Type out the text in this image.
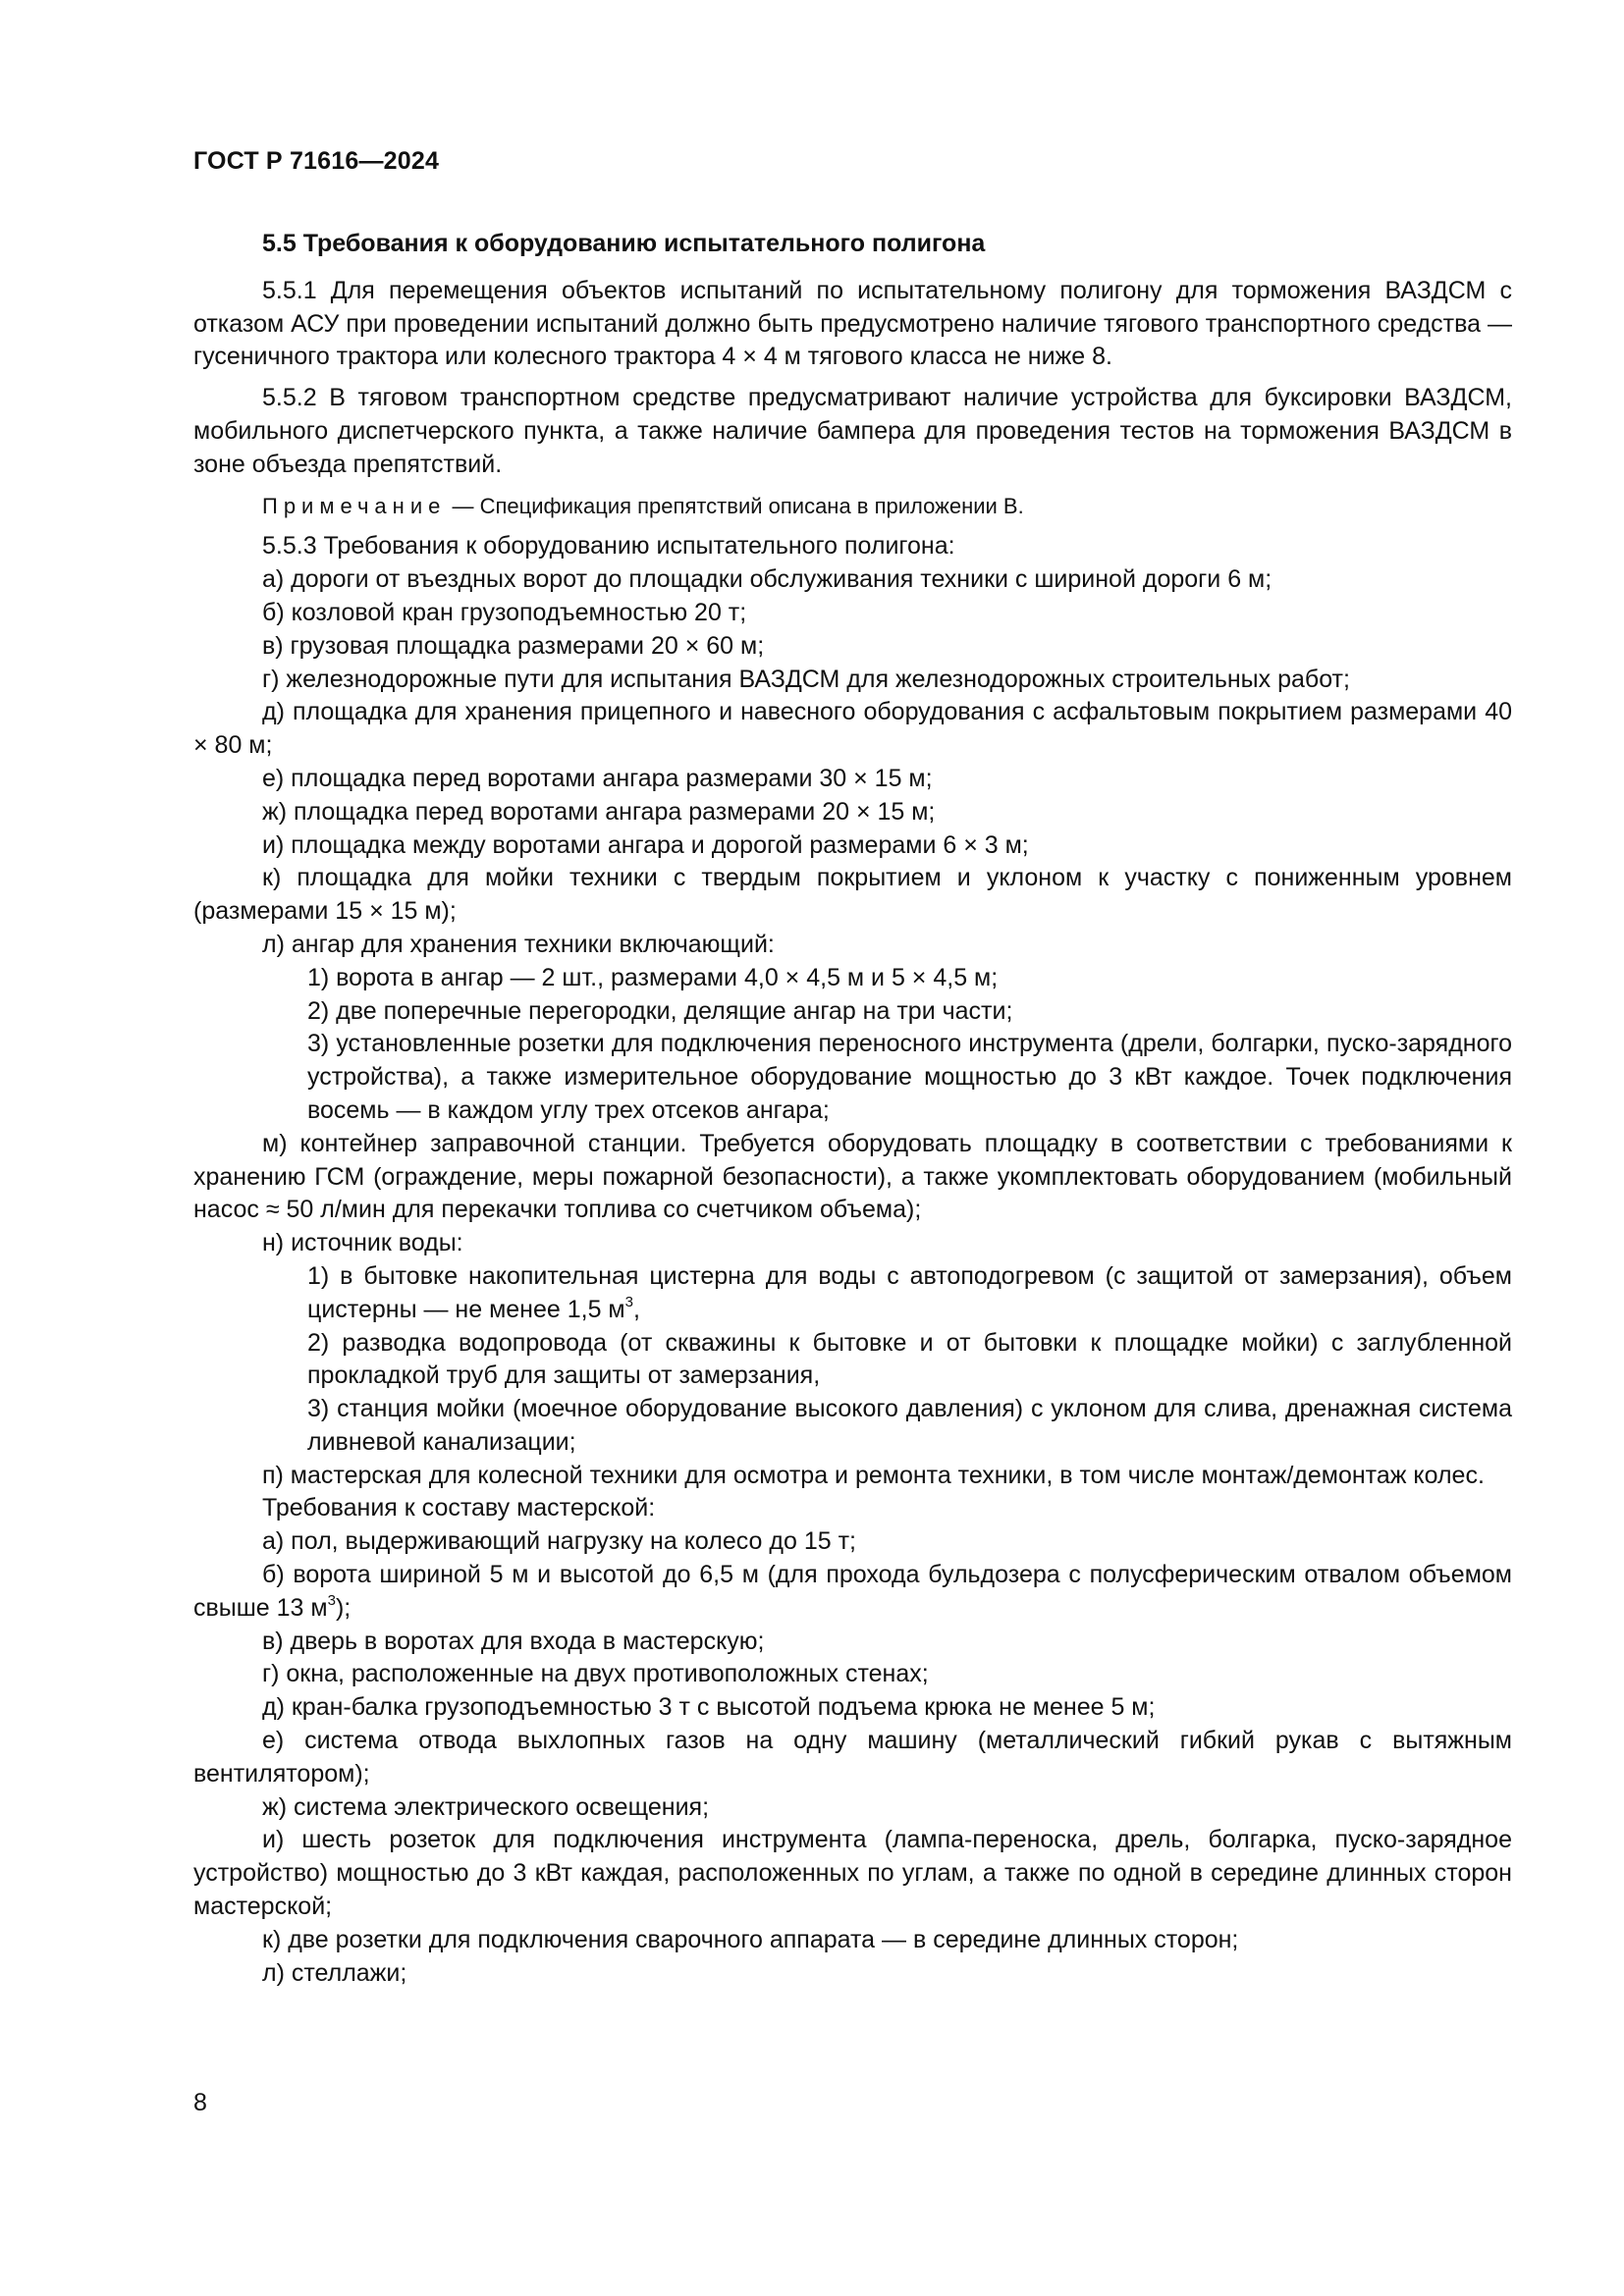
ГОСТ Р 71616—2024

5.5 Требования к оборудованию испытательного полигона

5.5.1 Для перемещения объектов испытаний по испытательному полигону для торможения ВАЗДСМ с отказом АСУ при проведении испытаний должно быть предусмотрено наличие тягового транспортного средства — гусеничного трактора или колесного трактора 4 × 4 м тягового класса не ниже 8.

5.5.2 В тяговом транспортном средстве предусматривают наличие устройства для буксировки ВАЗДСМ, мобильного диспетчерского пункта, а также наличие бампера для проведения тестов на торможения ВАЗДСМ в зоне объезда препятствий.

Примечание — Спецификация препятствий описана в приложении В.

5.5.3 Требования к оборудованию испытательного полигона:

а) дороги от въездных ворот до площадки обслуживания техники с шириной дороги 6 м;

б) козловой кран грузоподъемностью 20 т;

в) грузовая площадка размерами 20 × 60 м;

г) железнодорожные пути для испытания ВАЗДСМ для железнодорожных строительных работ;

д) площадка для хранения прицепного и навесного оборудования с асфальтовым покрытием размерами 40 × 80 м;

е) площадка перед воротами ангара размерами 30 × 15 м;

ж) площадка перед воротами ангара размерами 20 × 15 м;

и) площадка между воротами ангара и дорогой размерами 6 × 3 м;

к) площадка для мойки техники с твердым покрытием и уклоном к участку с пониженным уровнем (размерами 15 × 15 м);

л) ангар для хранения техники включающий:

1) ворота в ангар — 2 шт., размерами 4,0 × 4,5 м и 5 × 4,5 м;

2) две поперечные перегородки, делящие ангар на три части;

3) установленные розетки для подключения переносного инструмента (дрели, болгарки, пуско-зарядного устройства), а также измерительное оборудование мощностью до 3 кВт каждое. Точек подключения восемь — в каждом углу трех отсеков ангара;

м) контейнер заправочной станции. Требуется оборудовать площадку в соответствии с требованиями к хранению ГСМ (ограждение, меры пожарной безопасности), а также укомплектовать оборудованием (мобильный насос ≈ 50 л/мин для перекачки топлива со счетчиком объема);

н) источник воды:

1) в бытовке накопительная цистерна для воды с автоподогревом (с защитой от замерзания), объем цистерны — не менее 1,5 $м^3$,

2) разводка водопровода (от скважины к бытовке и от бытовки к площадке мойки) с заглубленной прокладкой труб для защиты от замерзания,

3) станция мойки (моечное оборудование высокого давления) с уклоном для слива, дренажная система ливневой канализации;

п) мастерская для колесной техники для осмотра и ремонта техники, в том числе монтаж/демонтаж колес.

Требования к составу мастерской:

а) пол, выдерживающий нагрузку на колесо до 15 т;

б) ворота шириной 5 м и высотой до 6,5 м (для прохода бульдозера с полусферическим отвалом объемом свыше 13 $м^3$);

в) дверь в воротах для входа в мастерскую;

г) окна, расположенные на двух противоположных стенах;

д) кран-балка грузоподъемностью 3 т с высотой подъема крюка не менее 5 м;

е) система отвода выхлопных газов на одну машину (металлический гибкий рукав с вытяжным вентилятором);

ж) система электрического освещения;

и) шесть розеток для подключения инструмента (лампа-переноска, дрель, болгарка, пуско-зарядное устройство) мощностью до 3 кВт каждая, расположенных по углам, а также по одной в середине длинных сторон мастерской;

к) две розетки для подключения сварочного аппарата — в середине длинных сторон;

л) стеллажи;

8
